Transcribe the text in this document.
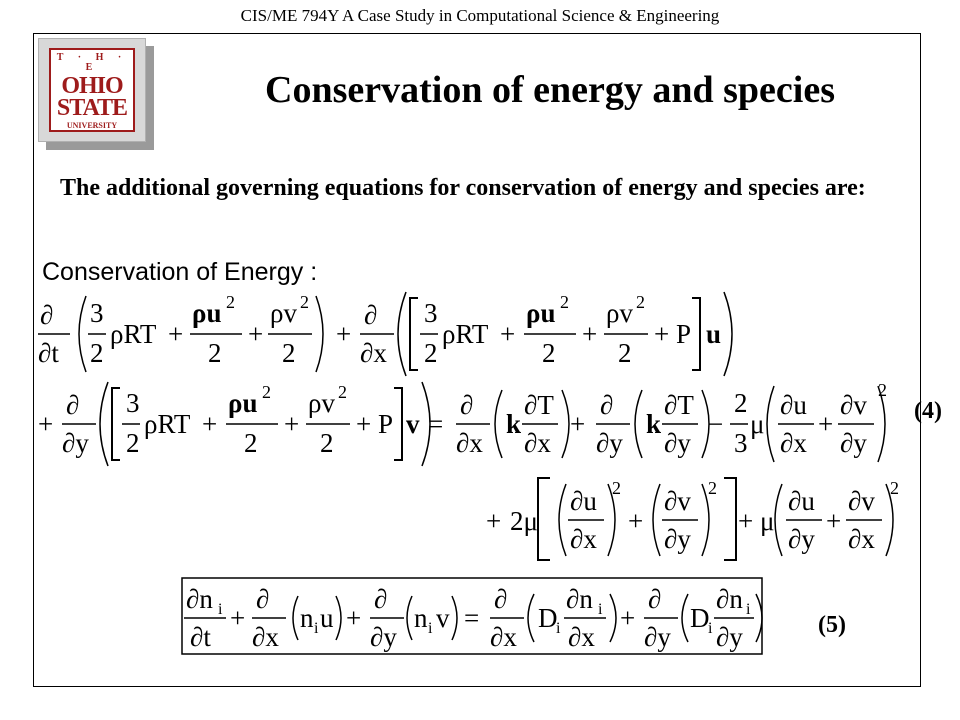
CIS/ME 794Y A Case Study in Computational Science & Engineering
T · H · E
OHIO
STATE
UNIVERSITY
Conservation of energy and species
The additional governing equations for conservation of energy and species are:
Conservation of Energy :
∂
∂t
3
2
ρRT +
ρu 2
2
+
ρv 2
2
+
∂
∂x
3
2
ρRT +
ρu 2
2
+
ρv 2
2
+ P u
+
∂
∂y
3
2
ρRT +
ρu 2
2
+
ρv 2
2
+ P v =
∂
∂x
k
∂T
∂x
+
∂
∂y
k
∂T
∂y
−
2
3
μ
∂u
∂x
+
∂v
∂y
2
+ 2μ
∂u
∂x
2
+
∂v
∂y
2
+ μ
∂u
∂y
+
∂v
∂x
2
∂n i
∂t
+
∂
∂x
n i u +
∂
∂y
n i v =
∂
∂x
D
i
∂n i
∂x
+
∂
∂y
D
i
∂n i
∂y
(4)
(5)
